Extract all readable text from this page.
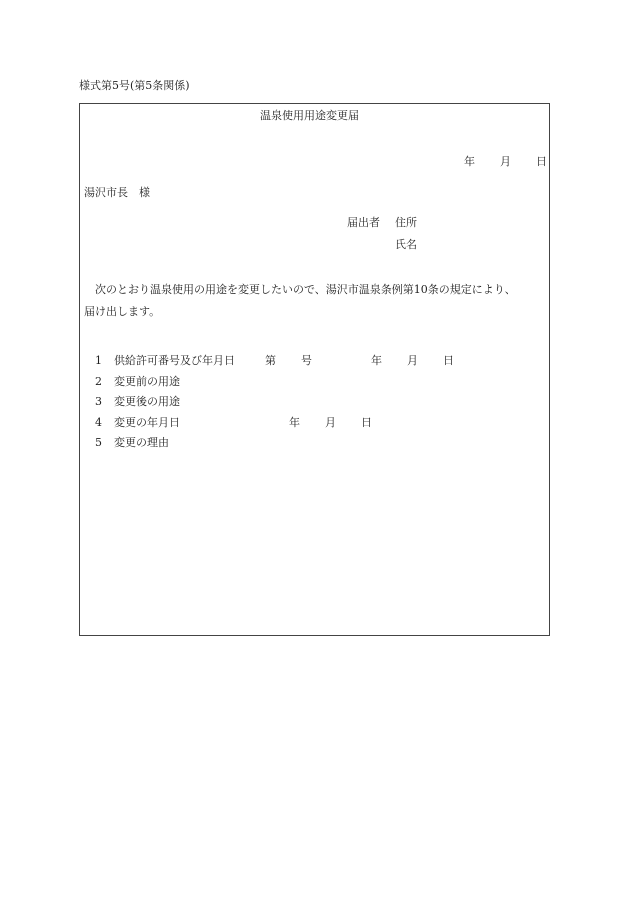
様式第5号(第5条関係)
温泉使用用途変更届
年 月 日
湯沢市長　様
届出者 住所
氏名
次のとおり温泉使用の用途を変更したいので、湯沢市温泉条例第10条の規定により、
届け出します。
1 供給許可番号及び年月日	第 号	年 月 日
2 変更前の用途
3 変更後の用途
4 変更の年月日	年 月 日
5 変更の理由
